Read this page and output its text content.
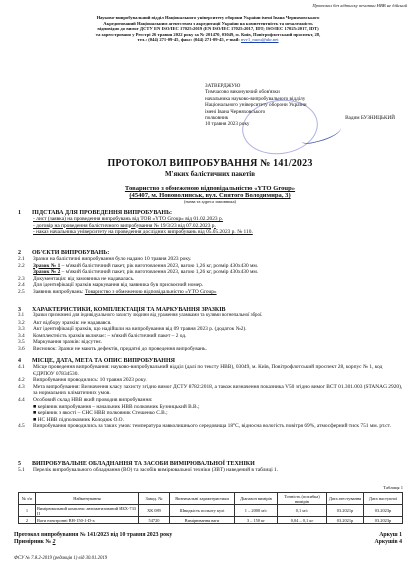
Протокол без відтиску печатки НВВ не дійсний
Науково-випробувальний відділ Національного університету оборони України імені Івана Черняховського
Акредитований Національним агентством з акредитації України на компетентність та незалежність
відповідно до вимог ДСТУ EN ISO/IEC 17025:2019 (EN ISO/IEC 17025:2017, IDT; ISO/IEC 17025:2017, IDT)
та зареєстровано у Реєстрі 26 травня 2022 року за № 201470, 03049, м. Київ, Повітрофлотський проспект, 28,
тел.: (044) 271-09-45, факс: (044) 271-09-45, e-mail: nvv1_nuou@ukr.net
ЗАТВЕРДЖУЮ
Тимчасово виконуючий обов'язки
начальника науково-випробувального відділу
Національного університету оборони України
імені Івана Черняховського
полковник	Вадим БУЗНИЦЬКИЙ
10 травня 2023 року
ПРОТОКОЛ ВИПРОБУВАННЯ № 141/2023
М'яких балістичних пакетів
Товариство з обмеженою відповідальністю «YTO Group»
(45407, м. Нововолинськ, вул. Святого Володимира, 3)
(назва та адреса замовника)
1	ПІДСТАВА ДЛЯ ПРОВЕДЕННЯ ВИПРОБУВАНЬ:
- лист (заявка) на проведення випробувань від ТОВ «YTO Group» від 01.02.2023 р.
- договір на проведення балістичного випробування № 19/3/23 від 07.02.2023 р.
- наказ начальника університету на проведення дослідних випробувань від 05.05.2023 р. № 110.
2	ОБ'ЄКТИ ВИПРОБУВАНЬ:
2.1	Зразки на балістичні випробування було надано 10 травня 2023 року.
2.2	Зразок № 1 – м'який балістичний пакет, рік виготовлення 2023, вагою 1,26 кг, розмір 430х430 мм.
Зразок № 2 – м'який балістичний пакет, рік виготовлення 2023, вагою 1,26 кг, розмір 430х430 мм.
2.3	Документація: від замовника не надавалась.
2.4	Для ідентифікації зразків маркування від заявника був присвоєний номер.
2.5	Заявник випробувань: Товариство з обмеженою відповідальністю «YTO Group»
3	ХАРАКТЕРИСТИКИ, КОМПЛЕКТАЦІЯ ТА МАРКУВАННЯ ЗРАЗКІВ
3.1	Зразки призначені для індивідуального захисту людини від ураження уламками та кулями вогнепальної зброї.
3.2	Акт відбору зразків: не надавався.
3.3	Акт ідентифікації зразків, що надійшли на випробування від 09 травня 2023 р. (додаток №2).
3.4	Комплектність зразків включає: – м'який балістичний пакет – 2 од.
3.5	Маркування зразків: відсутнє.
3.6	Висновок: Зразки не мають дефектів, придатні до проведення випробувань.
4	МІСЦЕ, ДАТА, МЕТА ТА ОПИС ВИПРОБУВАННЯ
4.1	Місце проведення випробування: науково-випробувальний відділ (далі по тексту НВВ), 03049, м. Київ, Повітрофлотський проспект 28, корпус № 1, код ЄДРПОУ 07834530.
4.2	Випробування проводились: 10 травня 2023 року.
4.3	Мета випробування: Визначення класу захисту згідно вимог ДСТУ 8782:2018, а також визначення показника V50 згідно вимог ВСТ 01.301.003 (STANAG 2920), за нормальних кліматичних умов.
4.4	Особовий склад НВВ який проводив випробування:
■ керівник випробування – начальник НВВ полковник Бузницький В.В.;
■ керівник з якості – СНС НВВ полковник Стешенко С.В.;
■ НС НВВ підполковник Колодюк О.О.
4.5	Випробування проводились за таких умов: температура навколишнього середовища 18°С, відносна вологість повітря 69%, атмосферний тиск 751 мм. рт.ст.
5	ВИПРОБУВАЛЬНЕ ОБЛАДНАННЯ ТА ЗАСОБИ ВИМІРЮВАЛЬНОЇ ТЕХНІКИ
5.1	Перелік випробувального обладнання (ВО) та засобів вимірювальної техніки (ЗВТ) наведений в таблиці 1.
Таблиця 1
№ з/п	Найменування	Завод. №	Визначальні характеристики	Діапазон вимірів	Точність (похибка) вимірів	Дата атестування	Дата наступної
1	Вимірювальний комплекс автоматизований ИБХ-733 ІІ	ХК 089	Швидкість польоту кулі	1 – 2000 м/с	0,1 м/с	03.2021р	03.2023р
2	Ваги електронні ВН-150-1-D-а	54720	Вимірювання ваги	3 – 150 кг	0,04 – 0,1 кг	03.2021р	03.2023р
Протокол випробування № 141/2023 від 10 травня 2023 року	Аркуш 1
Примірник № 2	Аркушів 4
ФСУ № 7.8.2-2019 (редакція 1) від 30.01.2019
